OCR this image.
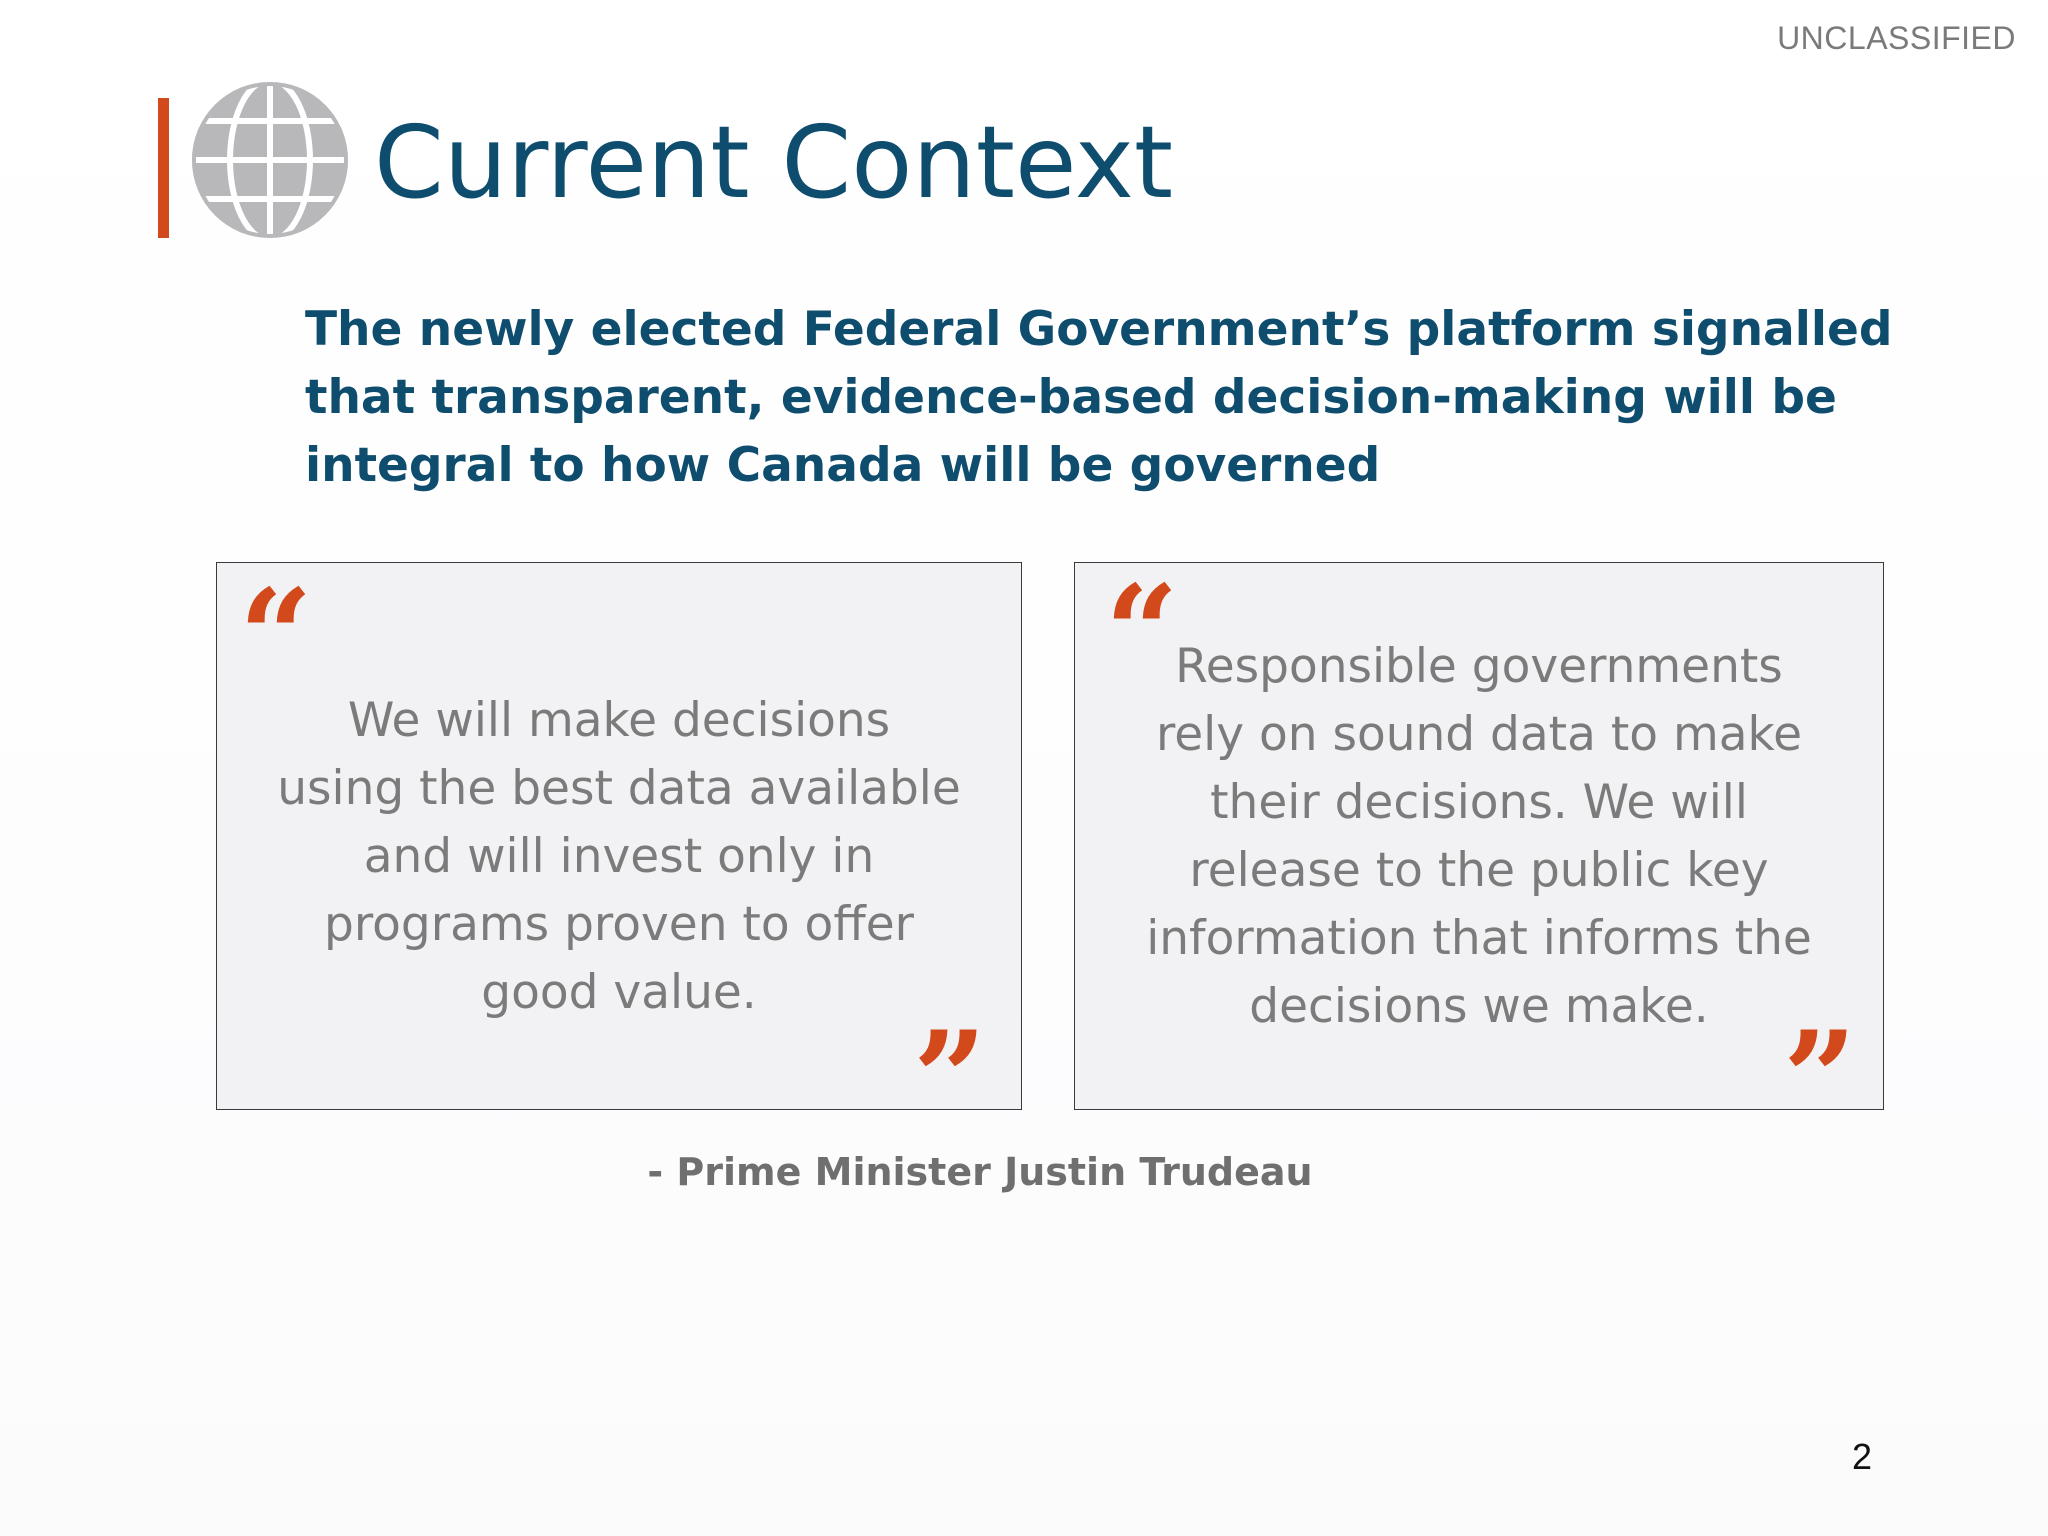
UNCLASSIFIED
Current Context
The newly elected Federal Government’s platform signalled that transparent, evidence-based decision-making will be integral to how Canada will be governed
“
We will make decisions using the best data available and will invest only in programs proven to offer good value.
”
“
Responsible governments rely on sound data to make their decisions. We will release to the public key information that informs the decisions we make. ”
- Prime Minister Justin Trudeau
2
